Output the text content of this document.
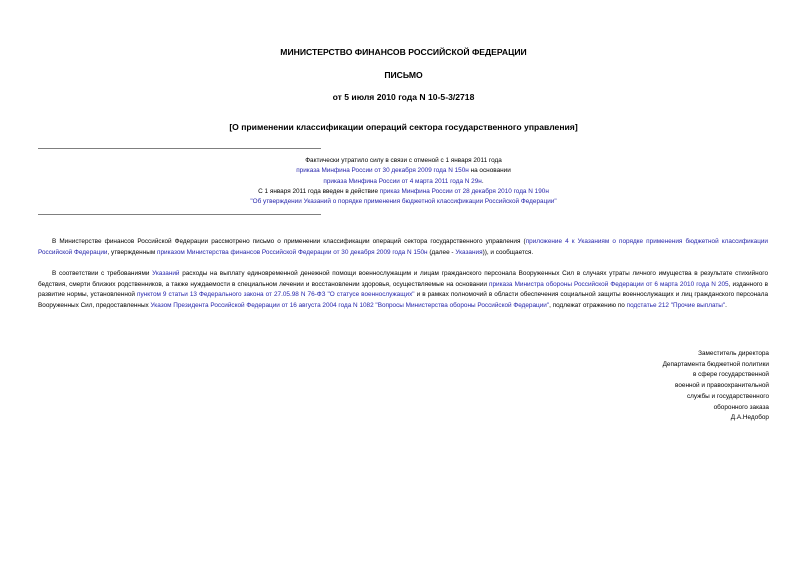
МИНИСТЕРСТВО ФИНАНСОВ РОССИЙСКОЙ ФЕДЕРАЦИИ
ПИСЬМО
от 5 июля 2010 года N 10-5-3/2718
[О применении классификации операций сектора государственного управления]
Фактически утратило силу в связи с отменой с 1 января 2011 года
приказа Минфина России от 30 декабря 2009 года N 150н на основании
приказа Минфина России от 4 марта 2011 года N 29н.
С 1 января 2011 года введен в действие приказ Минфина России от 28 декабря 2010 года N 190н
"Об утверждении Указаний о порядке применения бюджетной классификации Российской Федерации"
В Министерстве финансов Российской Федерации рассмотрено письмо о применении классификации операций сектора государственного управления (приложение 4 к Указаниям о порядке применения бюджетной классификации Российской Федерации, утвержденным приказом Министерства финансов Российской Федерации от 30 декабря 2009 года N 150н (далее - Указания)), и сообщается.
В соответствии с требованиями Указаний расходы на выплату единовременной денежной помощи военнослужащим и лицам гражданского персонала Вооруженных Сил в случаях утраты личного имущества в результате стихийного бедствия, смерти близких родственников, а также нуждаемости в специальном лечении и восстановлении здоровья, осуществляемые на основании приказа Министра обороны Российской Федерации от 6 марта 2010 года N 205, изданного в развитие нормы, установленной пунктом 9 статьи 13 Федерального закона от 27.05.98 N 76-ФЗ "О статусе военнослужащих" и в рамках полномочий в области обеспечения социальной защиты военнослужащих и лиц гражданского персонала Вооруженных Сил, предоставленных Указом Президента Российской Федерации от 16 августа 2004 года N 1082 "Вопросы Министерства обороны Российской Федерации", подлежат отражению по подстатье 212 "Прочие выплаты".
Заместитель директора
Департамента бюджетной политики
в сфере государственной
военной и правоохранительной
службы и государственного
оборонного заказа
Д.А.Недобор
